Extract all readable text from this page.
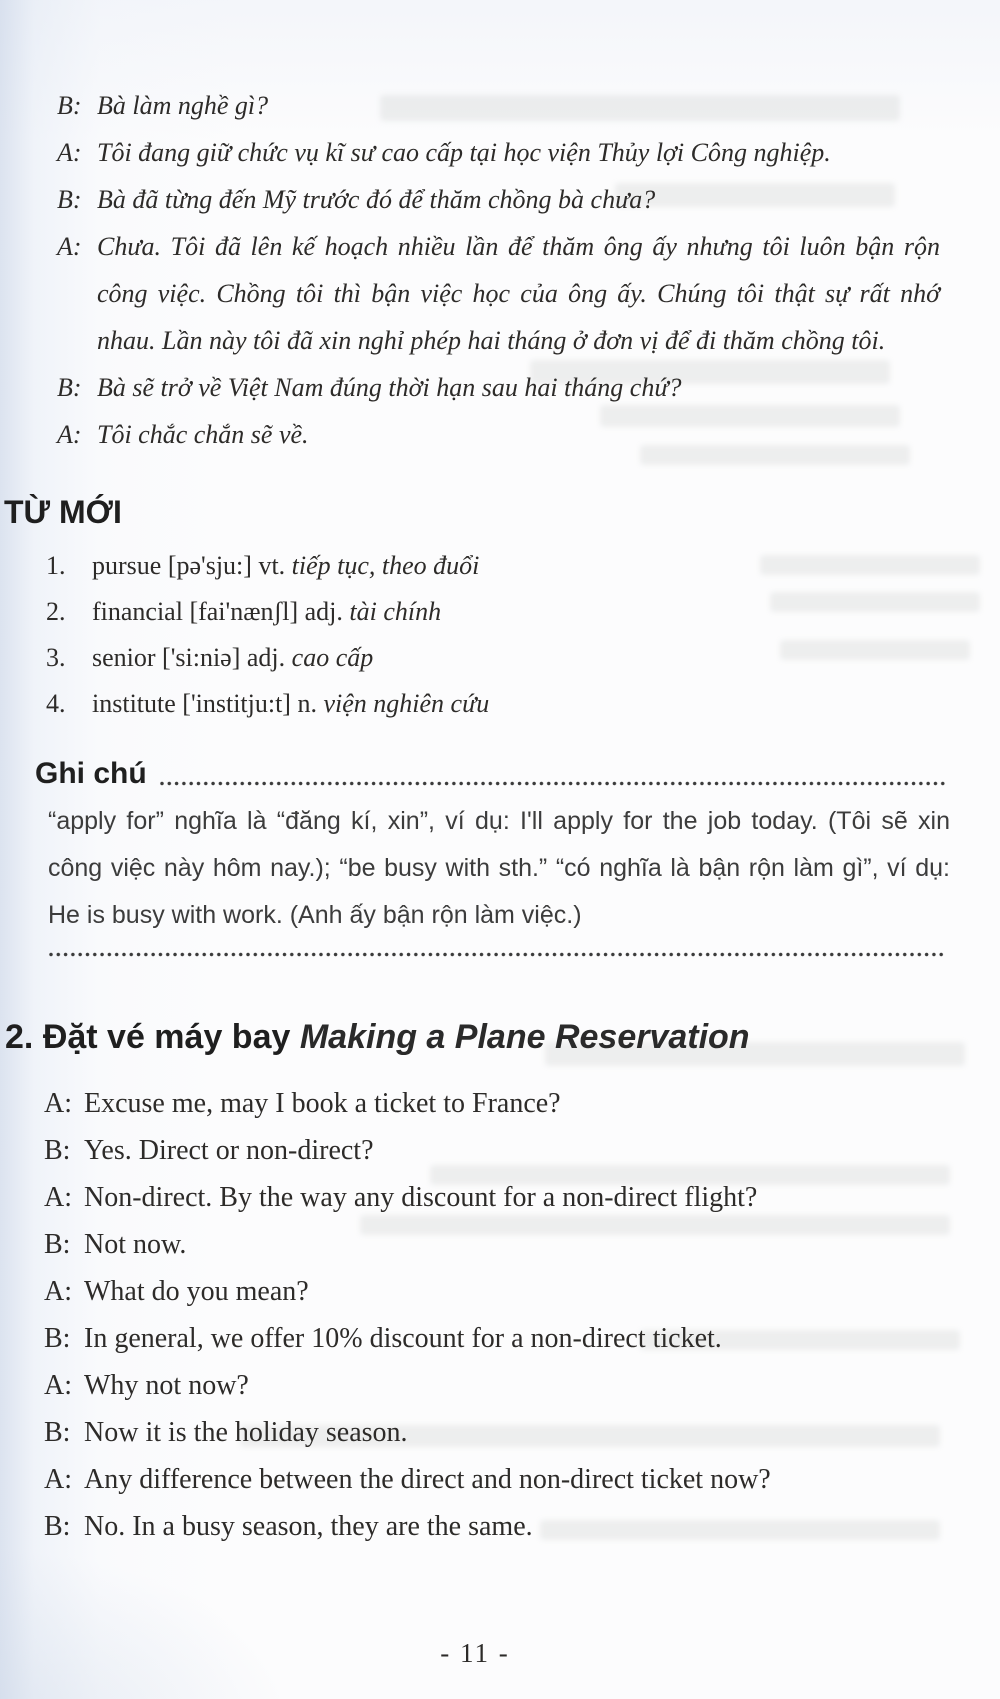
B: Bà làm nghề gì?
A: Tôi đang giữ chức vụ kĩ sư cao cấp tại học viện Thủy lợi Công nghiệp.
B: Bà đã từng đến Mỹ trước đó để thăm chồng bà chưa?
A: Chưa. Tôi đã lên kế hoạch nhiều lần để thăm ông ấy nhưng tôi luôn bận rộn công việc. Chồng tôi thì bận việc học của ông ấy. Chúng tôi thật sự rất nhớ nhau. Lần này tôi đã xin nghỉ phép hai tháng ở đơn vị để đi thăm chồng tôi.
B: Bà sẽ trở về Việt Nam đúng thời hạn sau hai tháng chứ?
A: Tôi chắc chắn sẽ về.
TỪ MỚI
1.	pursue [pə'sju:] vt. tiếp tục, theo đuổi
2.	financial [fai'nænʃl] adj. tài chính
3.	senior ['si:niə] adj. cao cấp
4.	institute ['institju:t] n. viện nghiên cứu
Ghi chú

“apply for” nghĩa là “đăng kí, xin”, ví dụ: I'll apply for the job today. (Tôi sẽ xin công việc này hôm nay.); “be busy with sth.” “có nghĩa là bận rộn làm gì”, ví dụ: He is busy with work. (Anh ấy bận rộn làm việc.)

2. Đặt vé máy bay Making a Plane Reservation
A: Excuse me, may I book a ticket to France?
B: Yes. Direct or non-direct?
A: Non-direct. By the way any discount for a non-direct flight?
B: Not now.
A: What do you mean?
B: In general, we offer 10% discount for a non-direct ticket.
A: Why not now?
B: Now it is the holiday season.
A: Any difference between the direct and non-direct ticket now?
B: No. In a busy season, they are the same.
- 11 -
